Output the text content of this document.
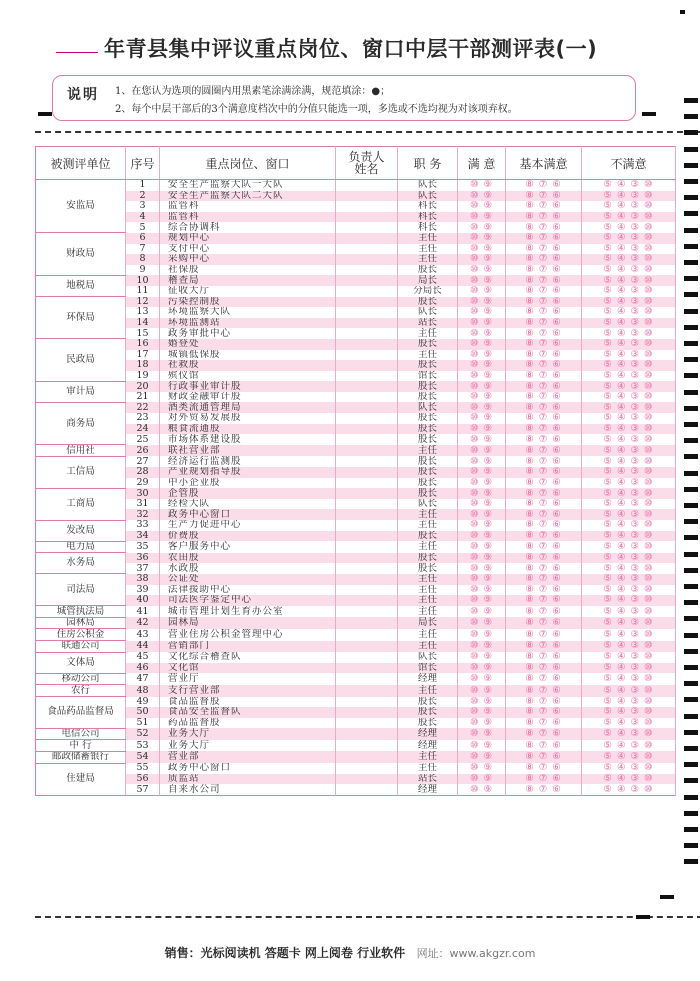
年青县集中评议重点岗位、窗口中层干部测评表(一)
说明 1、在您认为选项的圆圈内用黑素笔涂满涂满，规范填涂：●；
2、每个中层干部后的3个满意度档次中的分值只能选一项，多选或不选均视为对该项弃权。
被测评单位	序号	重点岗位、窗口	负责人姓名	职 务	满 意	基本满意	不满意
安监局	1	安全生产监察大队一大队		队长	⑩ ⑨	⑧ ⑦ ⑥	⑤ ④ ③ ⑩
	2	安全生产监察大队二大队		队长	⑩ ⑨	⑧ ⑦ ⑥	⑤ ④ ③ ⑩
	3	监管科		科长	⑩ ⑨	⑧ ⑦ ⑥	⑤ ④ ③ ⑩
	4	监管科		科长	⑩ ⑨	⑧ ⑦ ⑥	⑤ ④ ③ ⑩
	5	综合协调科		科长	⑩ ⑨	⑧ ⑦ ⑥	⑤ ④ ③ ⑩
财政局	6	规划中心		主任	⑩ ⑨	⑧ ⑦ ⑥	⑤ ④ ③ ⑩
	7	支付中心		主任	⑩ ⑨	⑧ ⑦ ⑥	⑤ ④ ③ ⑩
	8	采购中心		主任	⑩ ⑨	⑧ ⑦ ⑥	⑤ ④ ③ ⑩
	9	社保股		股长	⑩ ⑨	⑧ ⑦ ⑥	⑤ ④ ③ ⑩
地税局	10	稽查局		局长	⑩ ⑨	⑧ ⑦ ⑥	⑤ ④ ③ ⑩
	11	征收大厅		分局长	⑩ ⑨	⑧ ⑦ ⑥	⑤ ④ ③ ⑩
环保局	12	污染控制股		股长	⑩ ⑨	⑧ ⑦ ⑥	⑤ ④ ③ ⑩
	13	环境监察大队		队长	⑩ ⑨	⑧ ⑦ ⑥	⑤ ④ ③ ⑩
	14	环境监测站		站长	⑩ ⑨	⑧ ⑦ ⑥	⑤ ④ ③ ⑩
	15	政务审批中心		主任	⑩ ⑨	⑧ ⑦ ⑥	⑤ ④ ③ ⑩
民政局	16	婚登处		股长	⑩ ⑨	⑧ ⑦ ⑥	⑤ ④ ③ ⑩
	17	城镇低保股		主任	⑩ ⑨	⑧ ⑦ ⑥	⑤ ④ ③ ⑩
	18	社救股		股长	⑩ ⑨	⑧ ⑦ ⑥	⑤ ④ ③ ⑩
	19	殡仪馆		馆长	⑩ ⑨	⑧ ⑦ ⑥	⑤ ④ ③ ⑩
审计局	20	行政事业审计股		股长	⑩ ⑨	⑧ ⑦ ⑥	⑤ ④ ③ ⑩
	21	财政金融审计股		股长	⑩ ⑨	⑧ ⑦ ⑥	⑤ ④ ③ ⑩
商务局	22	酒类流通管理局		队长	⑩ ⑨	⑧ ⑦ ⑥	⑤ ④ ③ ⑩
	23	对外贸易发展股		股长	⑩ ⑨	⑧ ⑦ ⑥	⑤ ④ ③ ⑩
	24	粮食流通股		股长	⑩ ⑨	⑧ ⑦ ⑥	⑤ ④ ③ ⑩
	25	市场体系建设股		股长	⑩ ⑨	⑧ ⑦ ⑥	⑤ ④ ③ ⑩
信用社	26	联社营业部		主任	⑩ ⑨	⑧ ⑦ ⑥	⑤ ④ ③ ⑩
工信局	27	经济运行监测股		股长	⑩ ⑨	⑧ ⑦ ⑥	⑤ ④ ③ ⑩
	28	产业规划指导股		股长	⑩ ⑨	⑧ ⑦ ⑥	⑤ ④ ③ ⑩
	29	中小企业股		股长	⑩ ⑨	⑧ ⑦ ⑥	⑤ ④ ③ ⑩
工商局	30	企管股		股长	⑩ ⑨	⑧ ⑦ ⑥	⑤ ④ ③ ⑩
	31	经检大队		队长	⑩ ⑨	⑧ ⑦ ⑥	⑤ ④ ③ ⑩
	32	政务中心窗口		主任	⑩ ⑨	⑧ ⑦ ⑥	⑤ ④ ③ ⑩
发改局	33	生产力促进中心		主任	⑩ ⑨	⑧ ⑦ ⑥	⑤ ④ ③ ⑩
	34	价费股		股长	⑩ ⑨	⑧ ⑦ ⑥	⑤ ④ ③ ⑩
电力局	35	客户服务中心		主任	⑩ ⑨	⑧ ⑦ ⑥	⑤ ④ ③ ⑩
水务局	36	农田股		股长	⑩ ⑨	⑧ ⑦ ⑥	⑤ ④ ③ ⑩
	37	水政股		股长	⑩ ⑨	⑧ ⑦ ⑥	⑤ ④ ③ ⑩
司法局	38	公证处		主任	⑩ ⑨	⑧ ⑦ ⑥	⑤ ④ ③ ⑩
	39	法律援助中心		主任	⑩ ⑨	⑧ ⑦ ⑥	⑤ ④ ③ ⑩
	40	司法医学鉴定中心		主任	⑩ ⑨	⑧ ⑦ ⑥	⑤ ④ ③ ⑩
城管执法局	41	城市管理计划生育办公室		主任	⑩ ⑨	⑧ ⑦ ⑥	⑤ ④ ③ ⑩
园林局	42	园林局		局长	⑩ ⑨	⑧ ⑦ ⑥	⑤ ④ ③ ⑩
住房公积金	43	营业住房公积金管理中心		主任	⑩ ⑨	⑧ ⑦ ⑥	⑤ ④ ③ ⑩
联通公司	44	营销部门		主任	⑩ ⑨	⑧ ⑦ ⑥	⑤ ④ ③ ⑩
文体局	45	文化综合稽查队		队长	⑩ ⑨	⑧ ⑦ ⑥	⑤ ④ ③ ⑩
	46	文化馆		馆长	⑩ ⑨	⑧ ⑦ ⑥	⑤ ④ ③ ⑩
移动公司	47	营业厅		经理	⑩ ⑨	⑧ ⑦ ⑥	⑤ ④ ③ ⑩
农行	48	支行营业部		主任	⑩ ⑨	⑧ ⑦ ⑥	⑤ ④ ③ ⑩
食品药品监督局	49	食品监督股		股长	⑩ ⑨	⑧ ⑦ ⑥	⑤ ④ ③ ⑩
	50	食品安全监督队		股长	⑩ ⑨	⑧ ⑦ ⑥	⑤ ④ ③ ⑩
	51	药品监督股		股长	⑩ ⑨	⑧ ⑦ ⑥	⑤ ④ ③ ⑩
电信公司	52	业务大厅		经理	⑩ ⑨	⑧ ⑦ ⑥	⑤ ④ ③ ⑩
中 行	53	业务大厅		经理	⑩ ⑨	⑧ ⑦ ⑥	⑤ ④ ③ ⑩
邮政储蓄银行	54	营业部		主任	⑩ ⑨	⑧ ⑦ ⑥	⑤ ④ ③ ⑩
住建局	55	政务中心窗口		主任	⑩ ⑨	⑧ ⑦ ⑥	⑤ ④ ③ ⑩
	56	质监站		站长	⑩ ⑨	⑧ ⑦ ⑥	⑤ ④ ③ ⑩
	57	自来水公司		经理	⑩ ⑨	⑧ ⑦ ⑥	⑤ ④ ③ ⑩
销售：光标阅读机 答题卡 网上阅卷 行业软件 网址：www.akgzr.com
